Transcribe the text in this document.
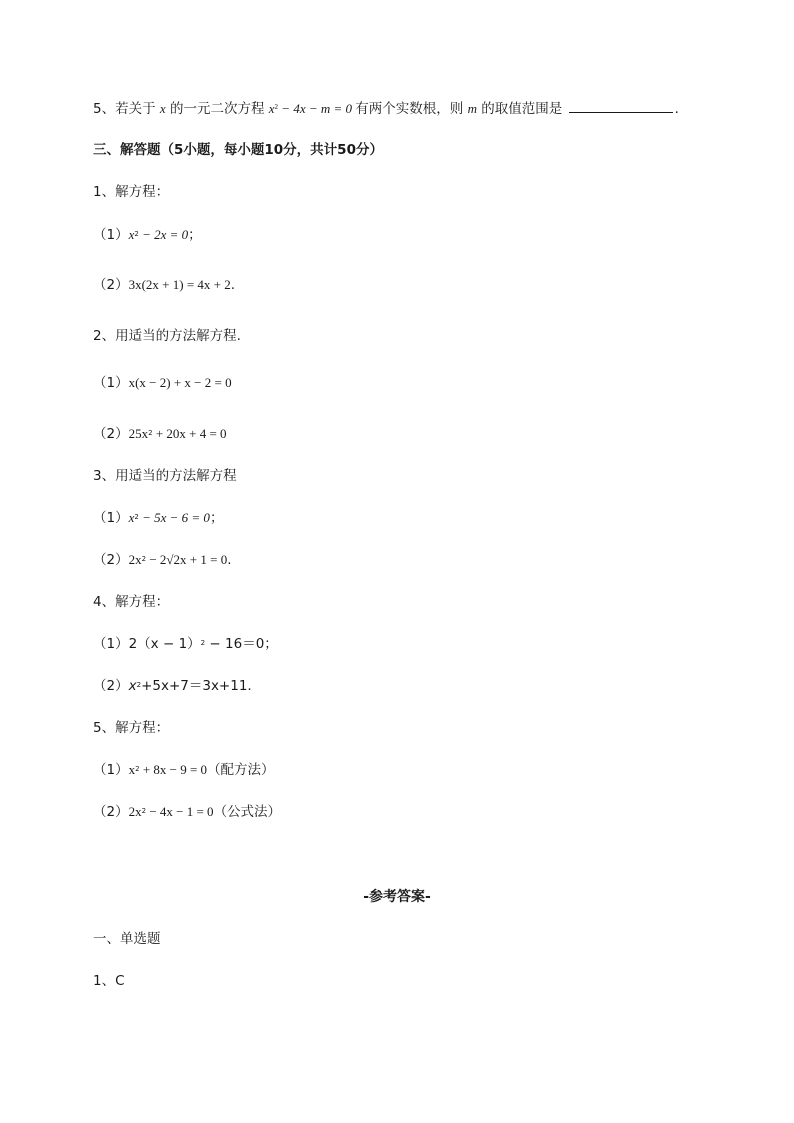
5、若关于 x 的一元二次方程 $x^2 - 4x - m = 0$ 有两个实数根，则 m 的取值范围是	.
三、解答题（5小题，每小题10分，共计50分）
1、解方程：
$(1)x^2 - 2x = 0$；
（2）3x(2x + 1) = 4x + 2.
2、用适当的方法解方程.
（1）x(x − 2) + x − 2 = 0
$(2)25x^2 + 20x + 4 = 0$
3、用适当的方法解方程
$(1)x^2 - 5x - 6 = 0$；
$(2)2x^2 - 2√2x + 1 = 0$.
4、解方程：
$(1)2(x - 1)^2 - 16=0$；
$(2)x^2+5x+7=3x+11$.
5、解方程：
$(1)x^2 + 8x - 9 = 0$（配方法）
$(2)2x^2 - 4x - 1 = 0$（公式法）
-参考答案-
一、单选题
1、C
